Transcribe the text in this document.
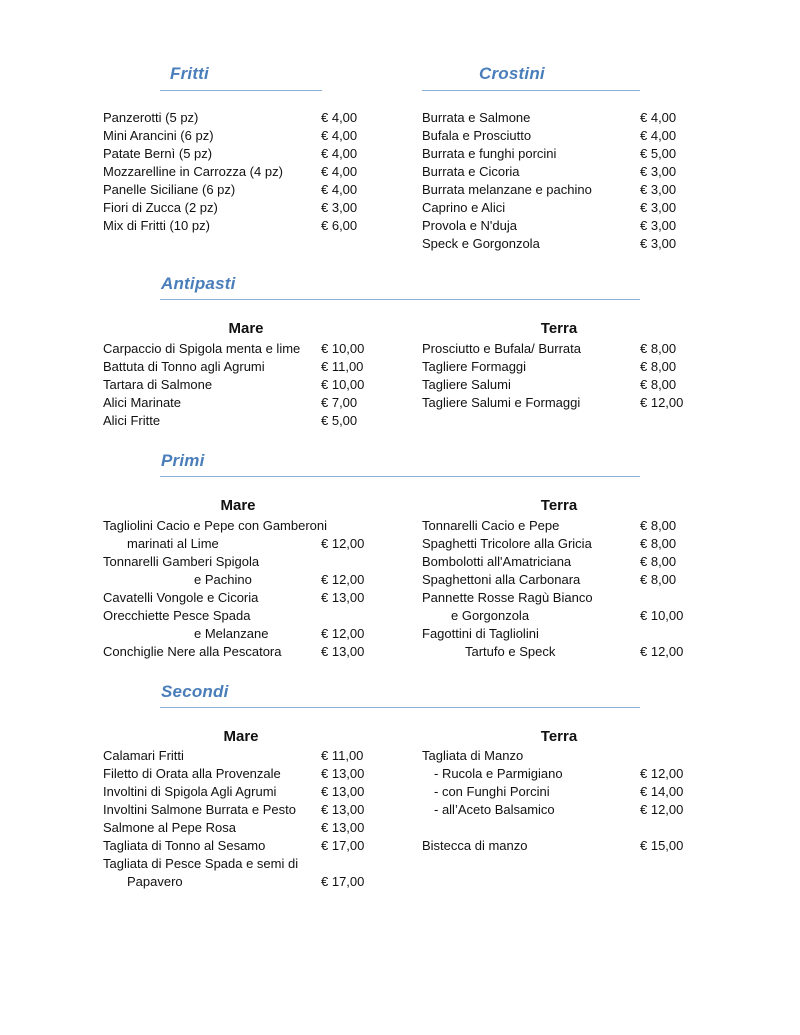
Fritti	Crostini
Panzerotti (5 pz)	€ 4,00
Mini Arancini (6 pz)	€ 4,00
Patate Bernì (5 pz)	€ 4,00
Mozzarelline in Carrozza (4 pz)	€ 4,00
Panelle Siciliane (6 pz)	€ 4,00
Fiori di Zucca (2 pz)	€ 3,00
Mix di Fritti (10 pz)	€ 6,00
Burrata e Salmone	€ 4,00
Bufala e Prosciutto	€ 4,00
Burrata e funghi porcini	€ 5,00
Burrata e Cicoria	€ 3,00
Burrata melanzane e pachino	€ 3,00
Caprino e Alici	€ 3,00
Provola e N'duja	€ 3,00
Speck e Gorgonzola	€ 3,00
Antipasti
Mare	Terra
Carpaccio di Spigola menta e lime € 10,00
Battuta di Tonno agli Agrumi	€ 11,00
Tartara di Salmone	€ 10,00
Alici Marinate	€ 7,00
Alici Fritte	€ 5,00
Prosciutto e Bufala/ Burrata	€ 8,00
Tagliere Formaggi	€ 8,00
Tagliere Salumi	€ 8,00
Tagliere Salumi e Formaggi	€ 12,00
Primi
Mare	Terra
Tagliolini Cacio e Pepe con Gamberoni
marinati al Lime	€ 12,00
Tonnarelli Gamberi Spigola
e Pachino	€ 12,00
Cavatelli Vongole e Cicoria	€ 13,00
Orecchiette Pesce Spada
e Melanzane	€ 12,00
Conchiglie Nere alla Pescatora	€ 13,00
Tonnarelli Cacio e Pepe	€ 8,00
Spaghetti Tricolore alla Gricia	€ 8,00
Bombolotti all'Amatriciana	€ 8,00
Spaghettoni alla Carbonara	€ 8,00
Pannette Rosse Ragù Bianco
e Gorgonzola	€ 10,00
Fagottini di Tagliolini
Tartufo e Speck	€ 12,00
Secondi
Mare	Terra
Calamari Fritti	€ 11,00
Filetto di Orata alla Provenzale	€ 13,00
Involtini di Spigola Agli Agrumi	€ 13,00
Involtini Salmone Burrata e Pesto € 13,00
Salmone al Pepe Rosa	€ 13,00
Tagliata di Tonno al Sesamo	€ 17,00
Tagliata di Pesce Spada e semi di
Papavero	€ 17,00
Tagliata di Manzo
- Rucola e Parmigiano	€ 12,00
- con Funghi Porcini	€ 14,00
- all’Aceto Balsamico	€ 12,00
Bistecca di manzo	€ 15,00
